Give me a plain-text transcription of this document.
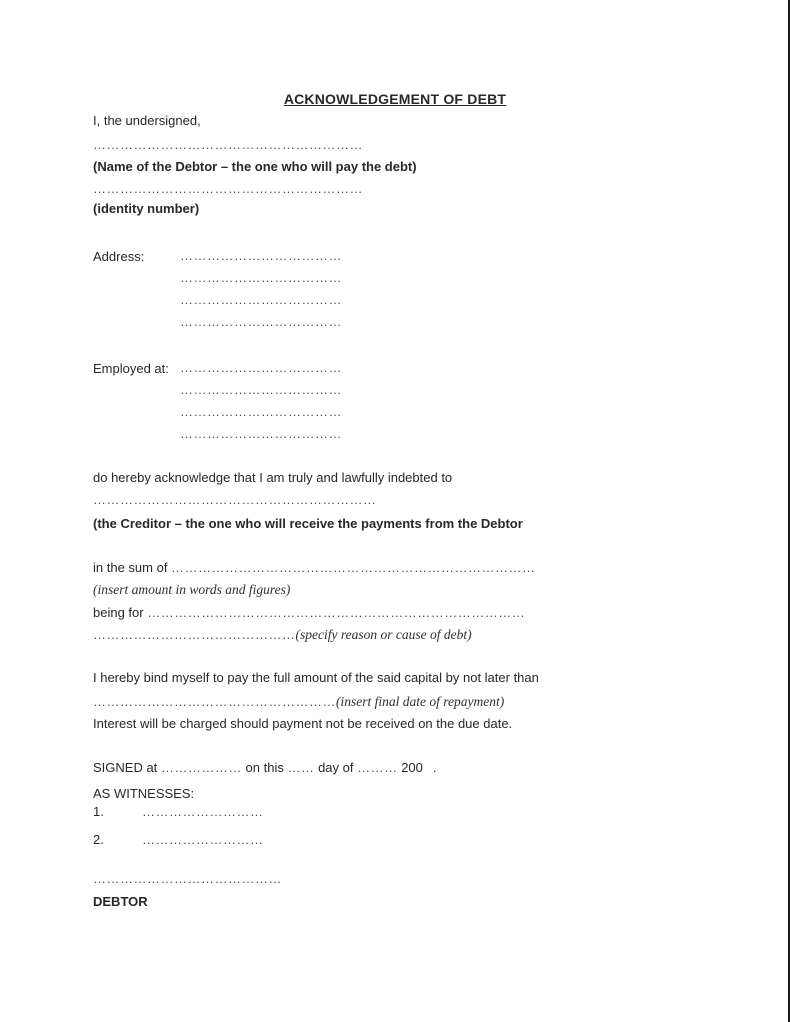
ACKNOWLEDGEMENT OF DEBT
I, the undersigned,
……………………………………………………
(Name of the Debtor – the one who will pay the debt)
……………………………………………………
(identity number)
Address:	………………………………
………………………………
………………………………
………………………………
Employed at: ………………………………
………………………………
………………………………
………………………………
do hereby acknowledge that I am truly and lawfully indebted to
………………………………………………………
(the Creditor – the one who will receive the payments from the Debtor
in the sum of ………………………………………………………………………
(insert amount in words and figures)
being for …………………………………………………………………………
………………………………………(specify reason or cause of debt)
I hereby bind myself to pay the full amount of the said capital by not later than
………………………………………………(insert final date of repayment)
Interest will be charged should payment not be received on the due date.
SIGNED at ……………… on this …… day of ……… 200 .
AS WITNESSES:
1.	………………………
2.	………………………
……………………………………
DEBTOR
